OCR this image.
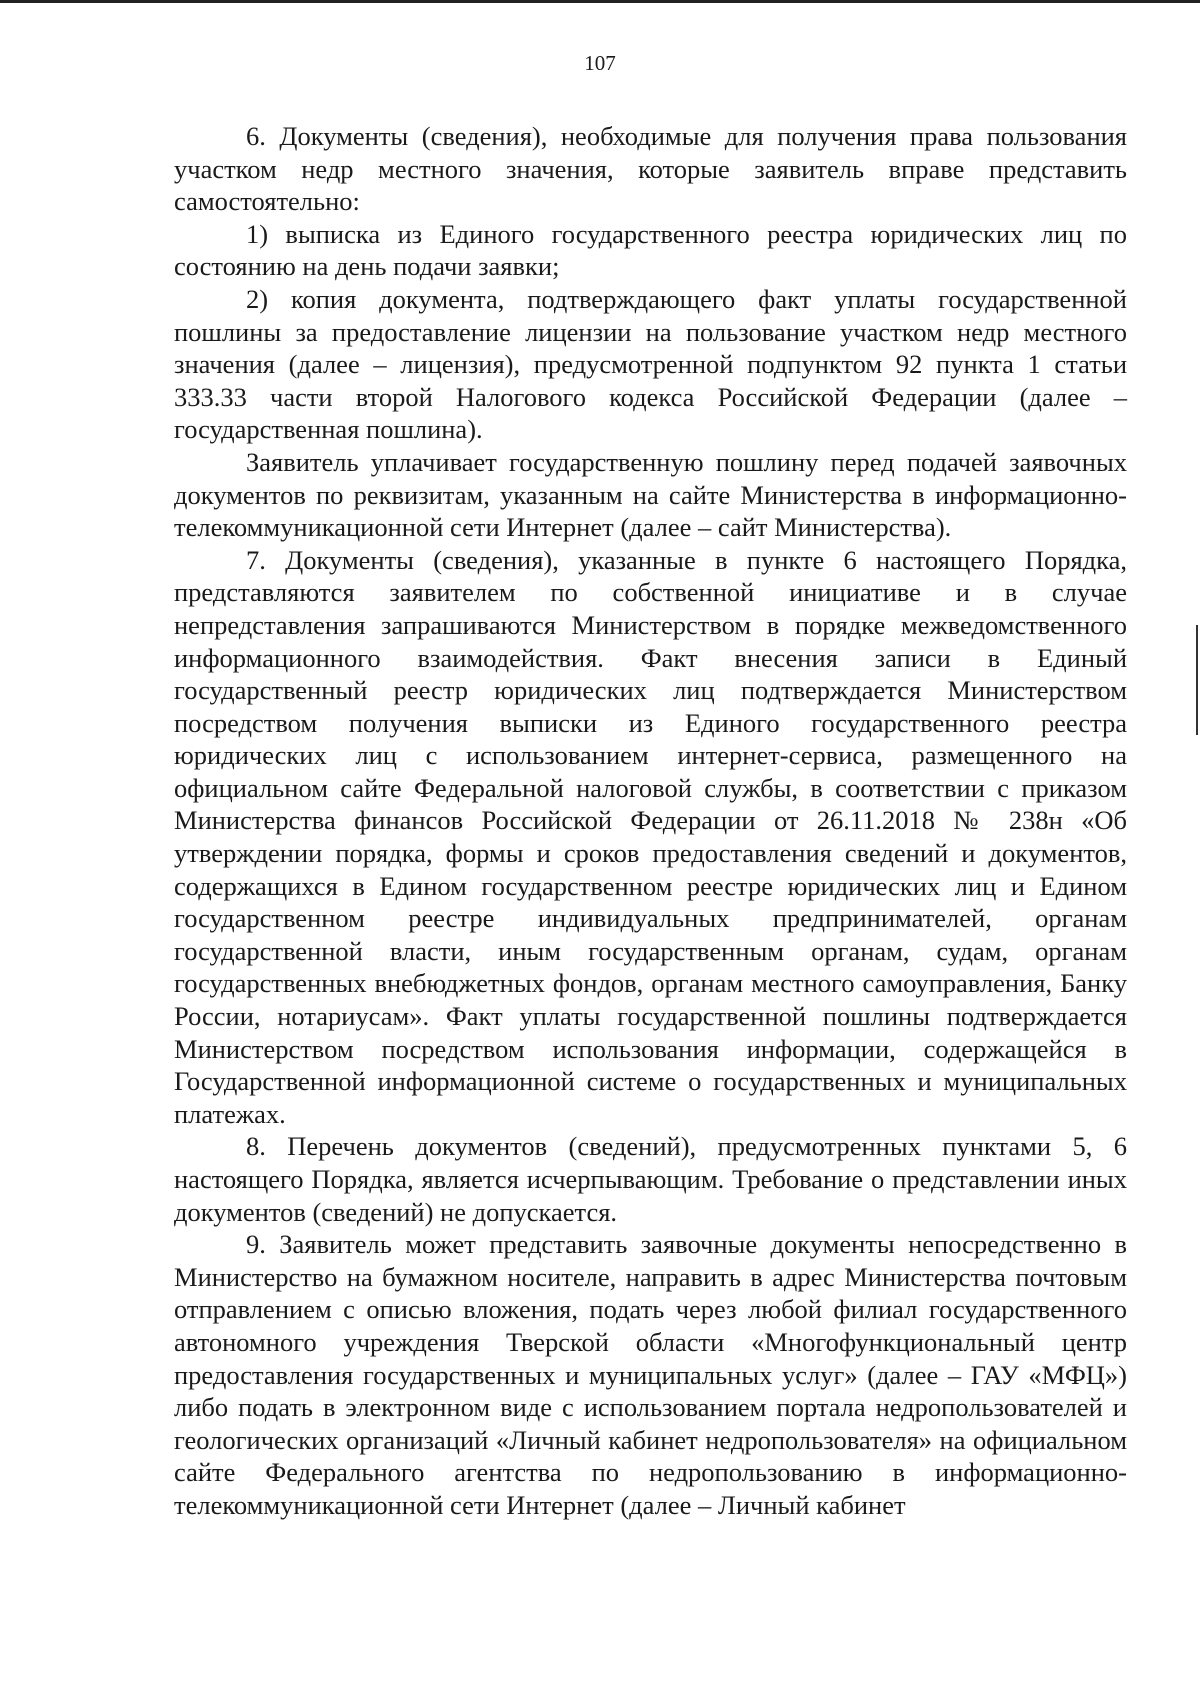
107

6. Документы (сведения), необходимые для получения права пользования участком недр местного значения, которые заявитель вправе представить самостоятельно:

1) выписка из Единого государственного реестра юридических лиц по состоянию на день подачи заявки;

2) копия документа, подтверждающего факт уплаты государственной пошлины за предоставление лицензии на пользование участком недр местного значения (далее – лицензия), предусмотренной подпунктом 92 пункта 1 статьи 333.33 части второй Налогового кодекса Российской Федерации (далее – государственная пошлина).

Заявитель уплачивает государственную пошлину перед подачей заявочных документов по реквизитам, указанным на сайте Министерства в информационно-телекоммуникационной сети Интернет (далее – сайт Министерства).

7. Документы (сведения), указанные в пункте 6 настоящего Порядка, представляются заявителем по собственной инициативе и в случае непредставления запрашиваются Министерством в порядке межведомственного информационного взаимодействия. Факт внесения записи в Единый государственный реестр юридических лиц подтверждается Министерством посредством получения выписки из Единого государственного реестра юридических лиц с использованием интернет-сервиса, размещенного на официальном сайте Федеральной налоговой службы, в соответствии с приказом Министерства финансов Российской Федерации от 26.11.2018 № 238н «Об утверждении порядка, формы и сроков предоставления сведений и документов, содержащихся в Едином государственном реестре юридических лиц и Едином государственном реестре индивидуальных предпринимателей, органам государственной власти, иным государственным органам, судам, органам государственных внебюджетных фондов, органам местного самоуправления, Банку России, нотариусам». Факт уплаты государственной пошлины подтверждается Министерством посредством использования информации, содержащейся в Государственной информационной системе о государственных и муниципальных платежах.

8. Перечень документов (сведений), предусмотренных пунктами 5, 6 настоящего Порядка, является исчерпывающим. Требование о представлении иных документов (сведений) не допускается.

9. Заявитель может представить заявочные документы непосредственно в Министерство на бумажном носителе, направить в адрес Министерства почтовым отправлением с описью вложения, подать через любой филиал государственного автономного учреждения Тверской области «Многофункциональный центр предоставления государственных и муниципальных услуг» (далее – ГАУ «МФЦ») либо подать в электронном виде с использованием портала недропользователей и геологических организаций «Личный кабинет недропользователя» на официальном сайте Федерального агентства по недропользованию в информационно-телекоммуникационной сети Интернет (далее – Личный кабинет
